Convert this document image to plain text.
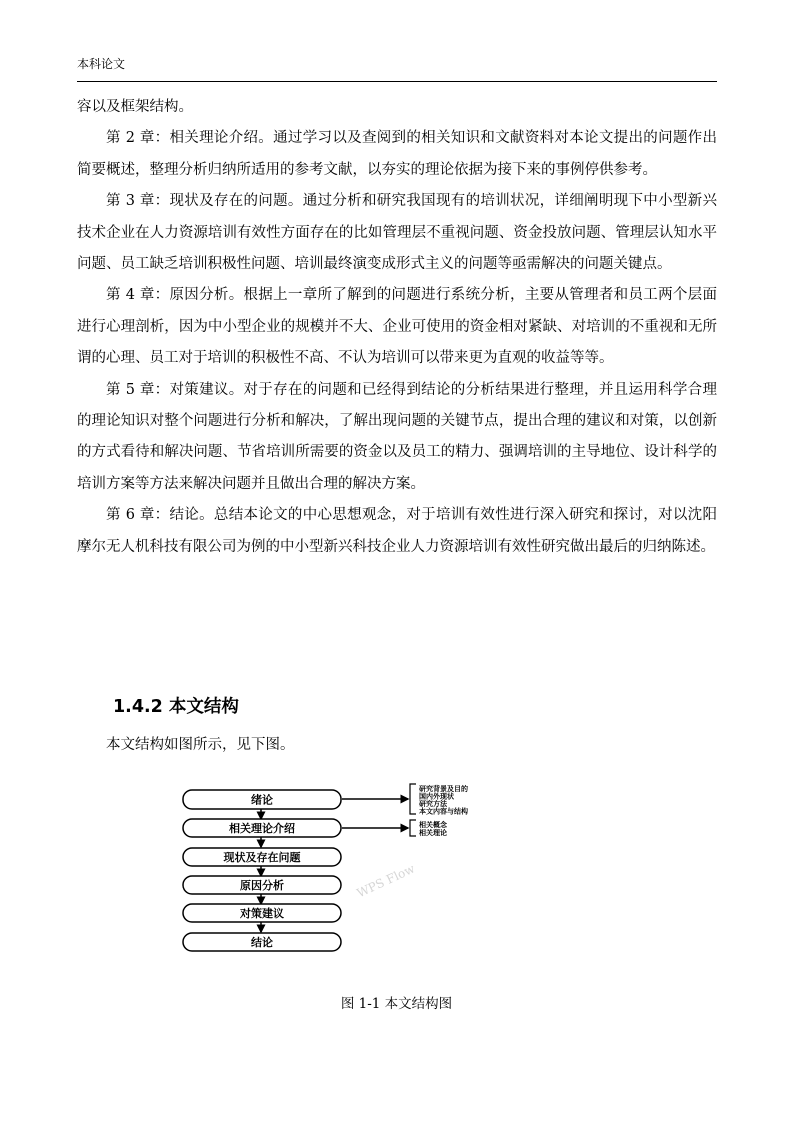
本科论文

容以及框架结构。

第 2 章：相关理论介绍。通过学习以及查阅到的相关知识和文献资料对本论文提出的问题作出简要概述，整理分析归纳所适用的参考文献，以夯实的理论依据为接下来的事例停供参考。

第 3 章：现状及存在的问题。通过分析和研究我国现有的培训状况，详细阐明现下中小型新兴技术企业在人力资源培训有效性方面存在的比如管理层不重视问题、资金投放问题、管理层认知水平问题、员工缺乏培训积极性问题、培训最终演变成形式主义的问题等亟需解决的问题关键点。

第 4 章：原因分析。根据上一章所了解到的问题进行系统分析，主要从管理者和员工两个层面进行心理剖析，因为中小型企业的规模并不大、企业可使用的资金相对紧缺、对培训的不重视和无所谓的心理、员工对于培训的积极性不高、不认为培训可以带来更为直观的收益等等。

第 5 章：对策建议。对于存在的问题和已经得到结论的分析结果进行整理，并且运用科学合理的理论知识对整个问题进行分析和解决，了解出现问题的关键节点，提出合理的建议和对策，以创新的方式看待和解决问题、节省培训所需要的资金以及员工的精力、强调培训的主导地位、设计科学的培训方案等方法来解决问题并且做出合理的解决方案。

第 6 章：结论。总结本论文的中心思想观念，对于培训有效性进行深入研究和探讨，对以沈阳摩尔无人机科技有限公司为例的中小型新兴科技企业人力资源培训有效性研究做出最后的归纳陈述。

1.4.2 本文结构
本文结构如图所示，见下图。
绪论
相关理论介绍
现状及存在问题
原因分析
对策建议
结论
研究背景及目的
国内外现状
研究方法
本文内容与结构
相关概念
相关理论
WPS Flow
图 1-1 本文结构图
